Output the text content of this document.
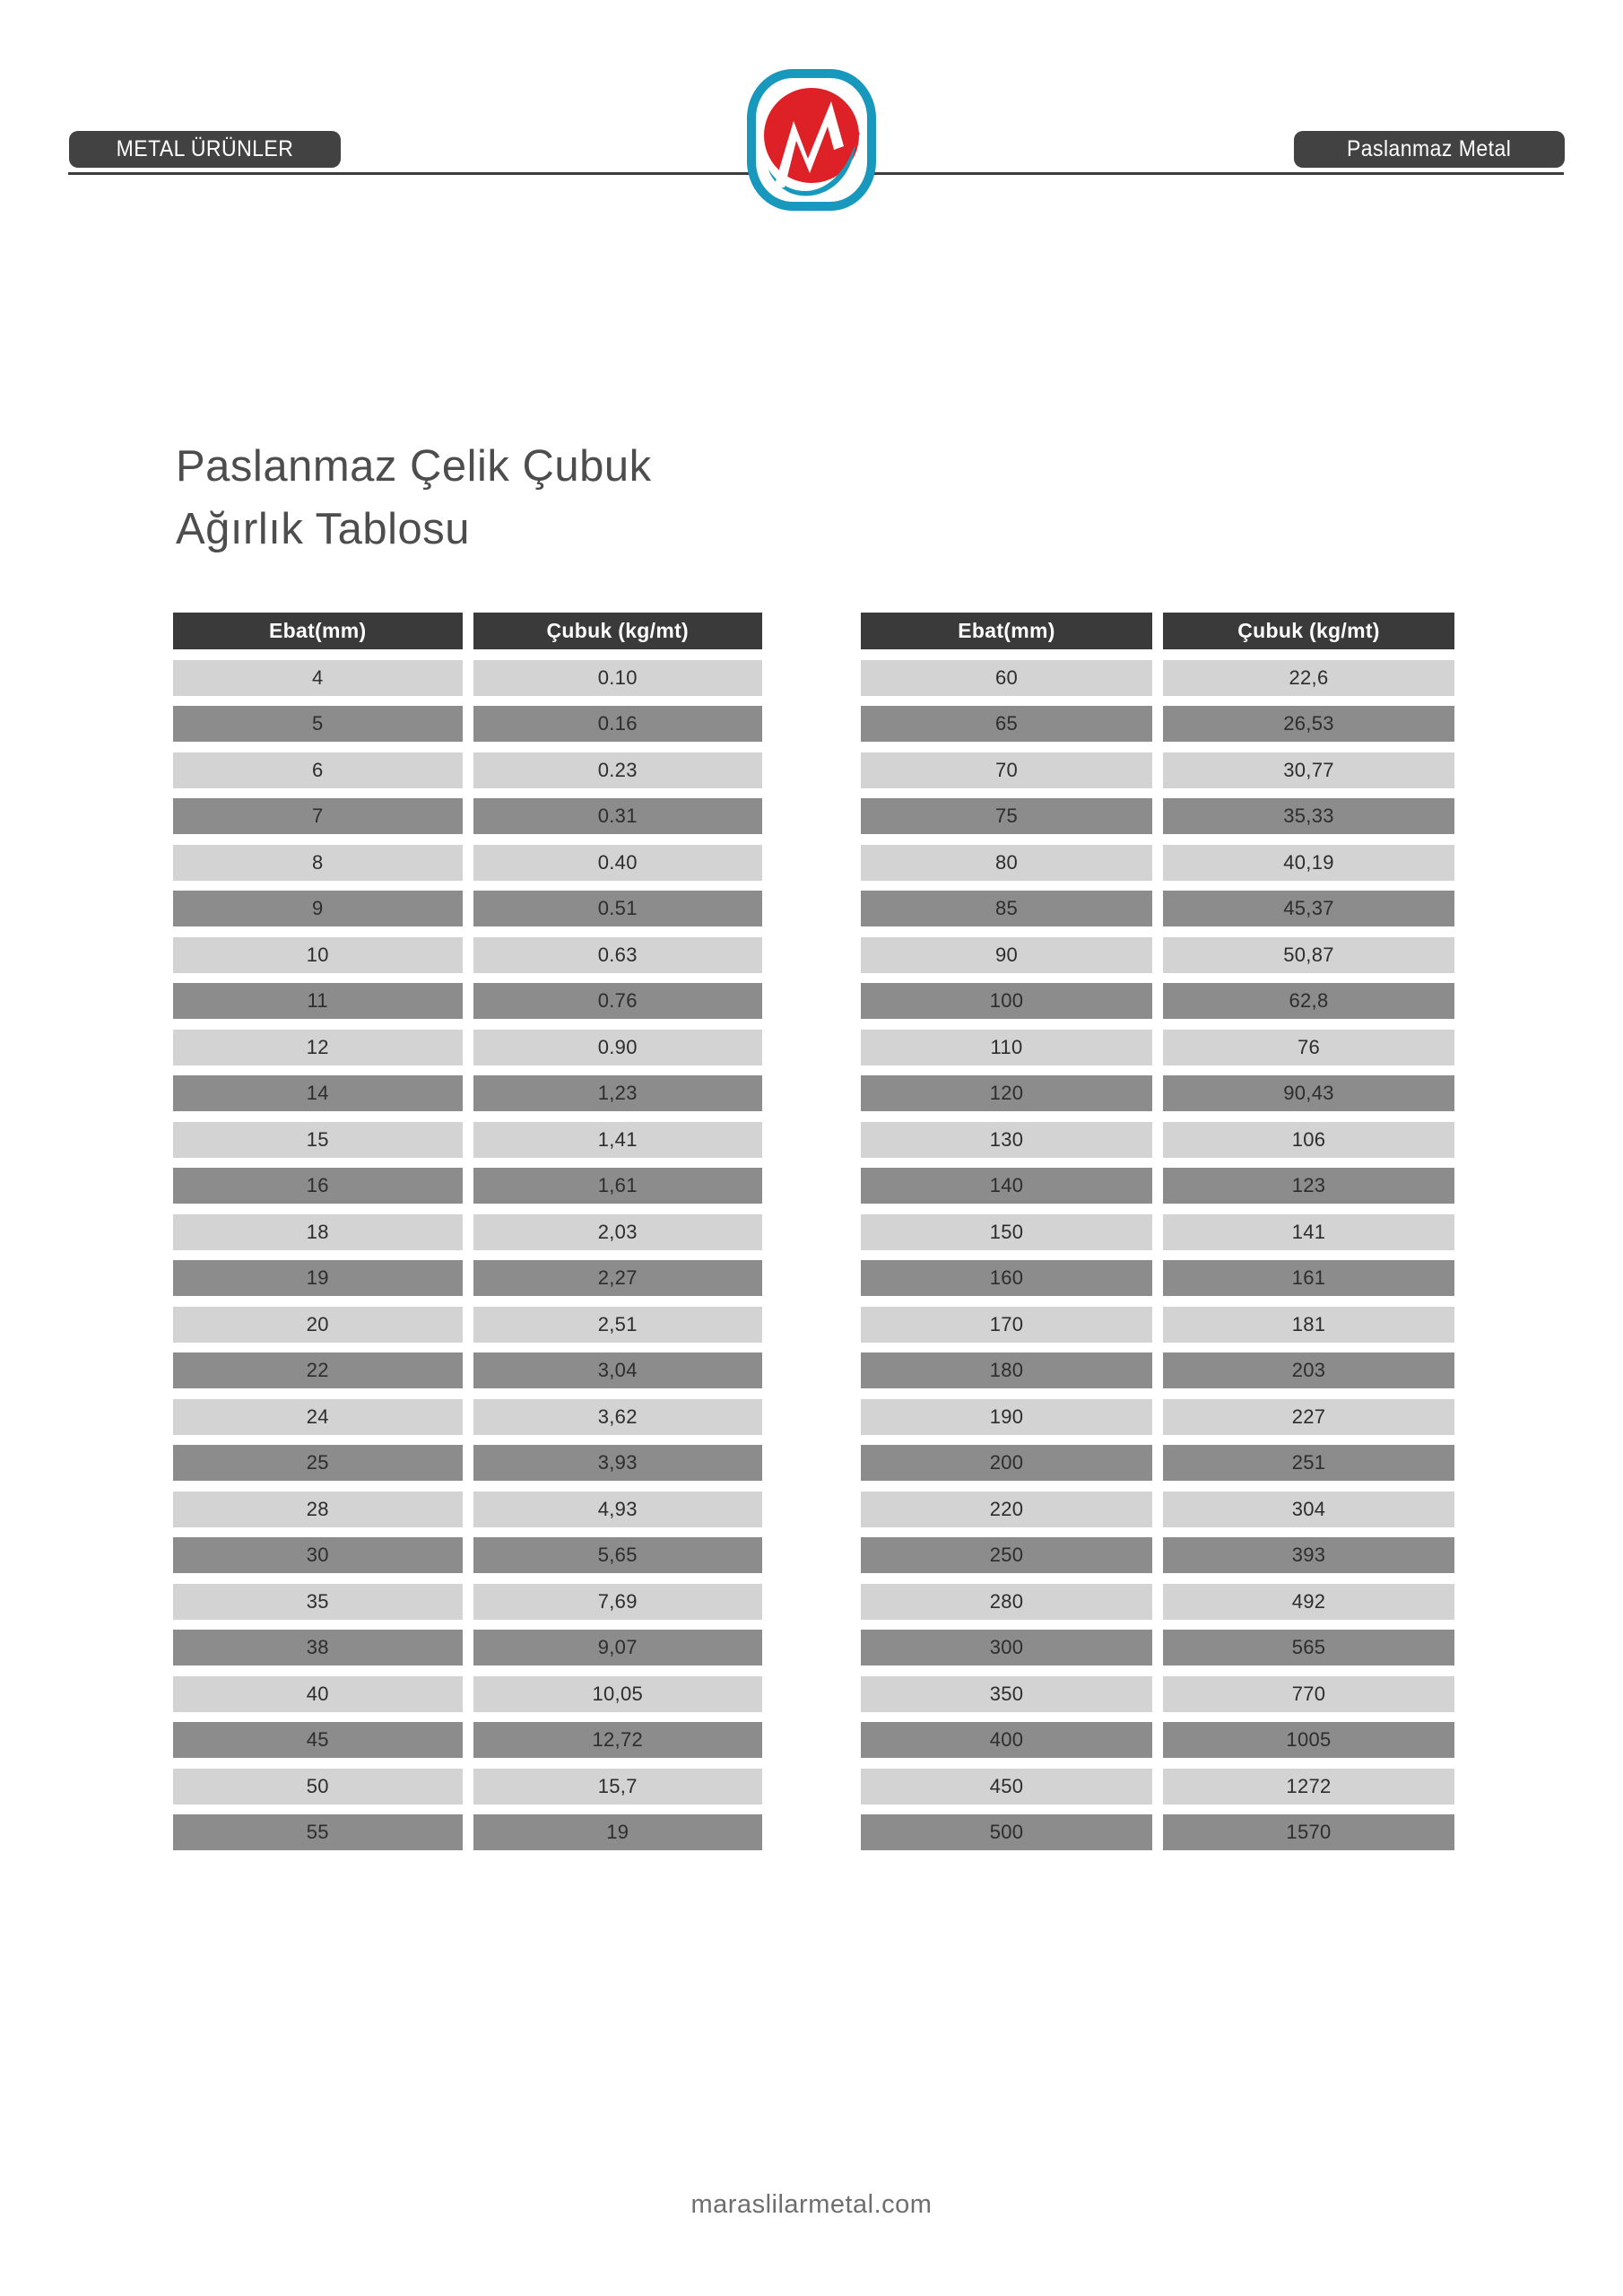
METAL ÜRÜNLER	Paslanmaz Metal
Paslanmaz Çelik Çubuk
Ağırlık Tablosu
Ebat(mm)	Çubuk (kg/mt)
4	0.10
5	0.16
6	0.23
7	0.31
8	0.40
9	0.51
10	0.63
11	0.76
12	0.90
14	1,23
15	1,41
16	1,61
18	2,03
19	2,27
20	2,51
22	3,04
24	3,62
25	3,93
28	4,93
30	5,65
35	7,69
38	9,07
40	10,05
45	12,72
50	15,7
55	19
Ebat(mm)	Çubuk (kg/mt)
60	22,6
65	26,53
70	30,77
75	35,33
80	40,19
85	45,37
90	50,87
100	62,8
110	76
120	90,43
130	106
140	123
150	141
160	161
170	181
180	203
190	227
200	251
220	304
250	393
280	492
300	565
350	770
400	1005
450	1272
500	1570
maraslilarmetal.com
